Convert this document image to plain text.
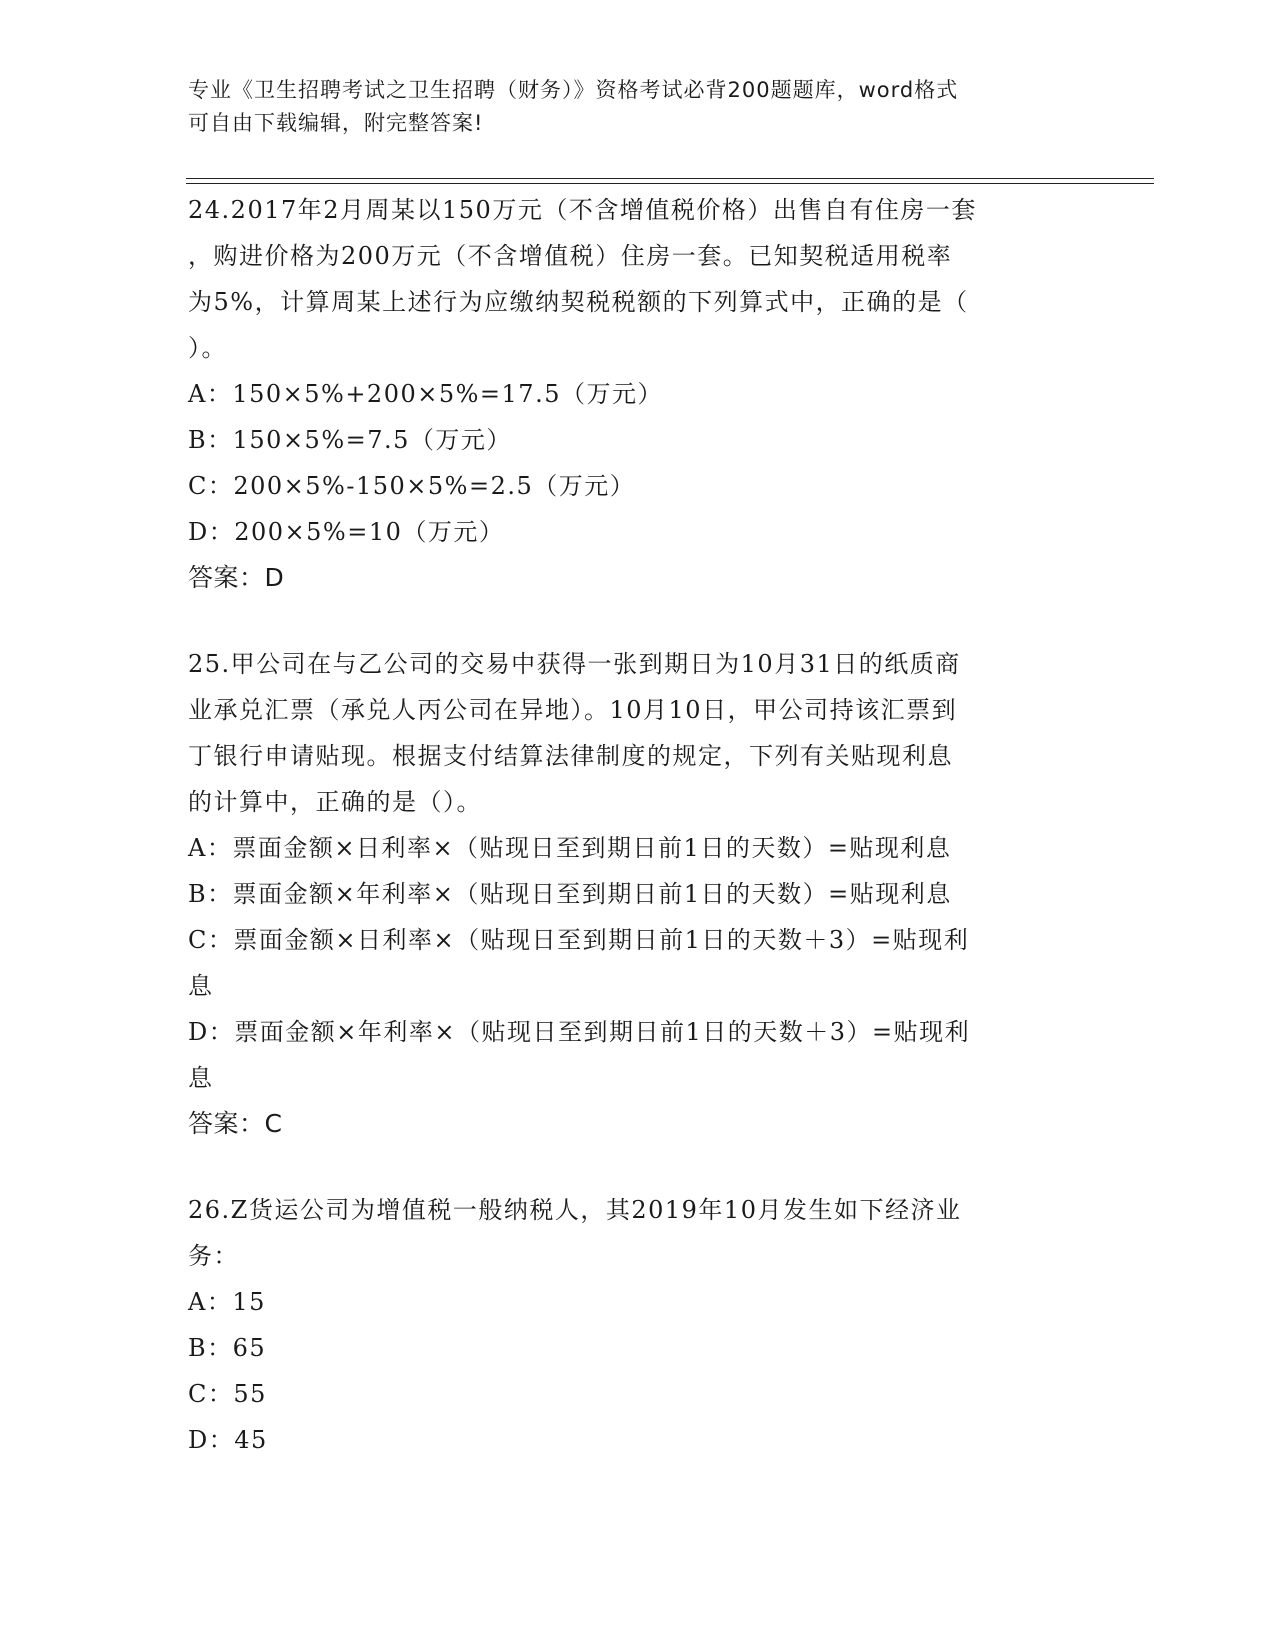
专业《卫生招聘考试之卫生招聘（财务）》资格考试必背200题题库，word格式
可自由下载编辑，附完整答案!
24.2017年2月周某以150万元（不含增值税价格）出售自有住房一套
，购进价格为200万元（不含增值税）住房一套。已知契税适用税率
为5%，计算周某上述行为应缴纳契税税额的下列算式中，正确的是（
）。
A：150×5%+200×5%=17.5（万元）
B：150×5%=7.5（万元）
C：200×5%-150×5%=2.5（万元）
D：200×5%=10（万元）
答案：D
25.甲公司在与乙公司的交易中获得一张到期日为10月31日的纸质商
业承兑汇票（承兑人丙公司在异地）。10月10日，甲公司持该汇票到
丁银行申请贴现。根据支付结算法律制度的规定，下列有关贴现利息
的计算中，正确的是（）。
A：票面金额×日利率×（贴现日至到期日前1日的天数）=贴现利息
B：票面金额×年利率×（贴现日至到期日前1日的天数）=贴现利息
C：票面金额×日利率×（贴现日至到期日前1日的天数＋3）=贴现利
息
D：票面金额×年利率×（贴现日至到期日前1日的天数＋3）=贴现利
息
答案：C
26.Z货运公司为增值税一般纳税人，其2019年10月发生如下经济业
务：
A：15
B：65
C：55
D：45
